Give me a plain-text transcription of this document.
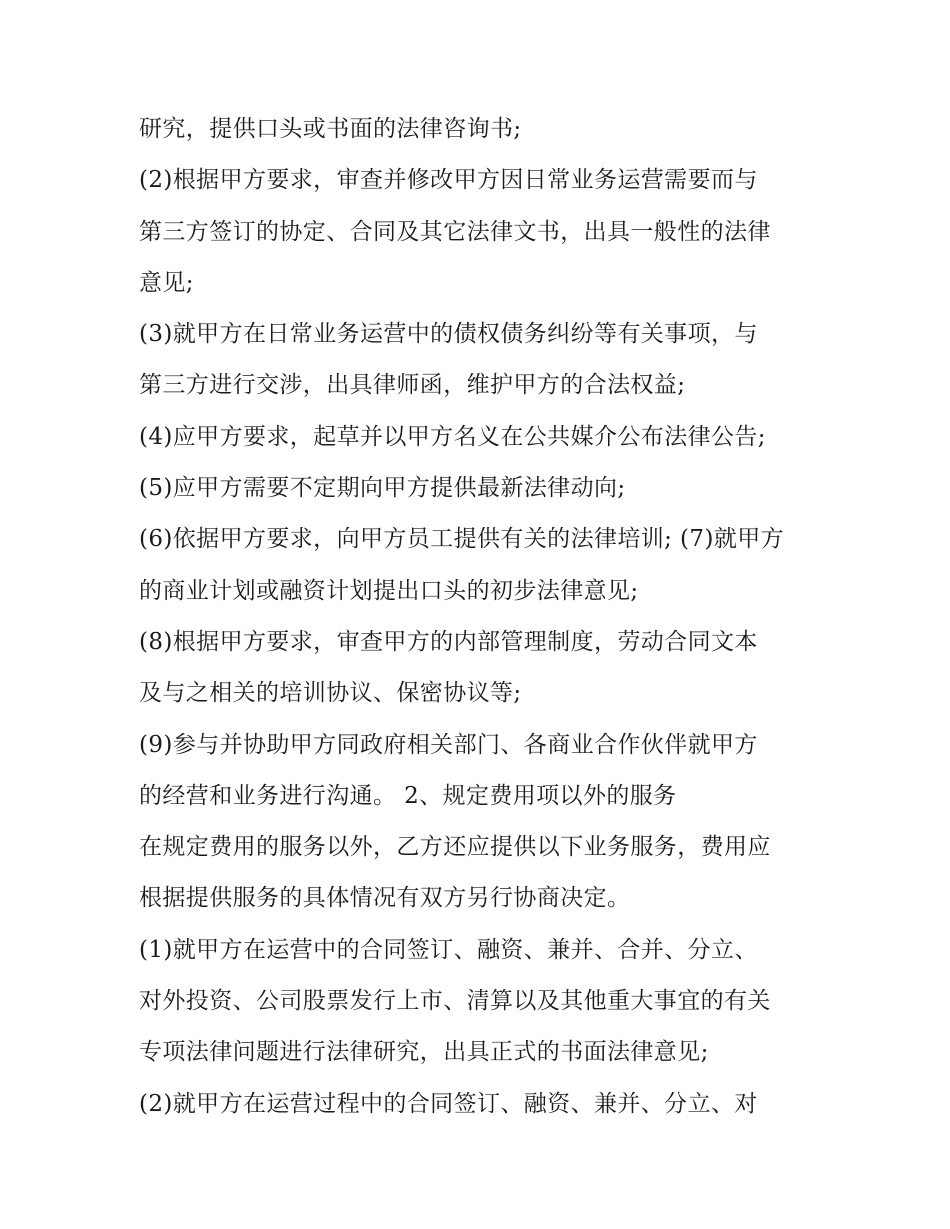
研究，提供口头或书面的法律咨询书;
(2)根据甲方要求，审查并修改甲方因日常业务运营需要而与
第三方签订的协定、合同及其它法律文书，出具一般性的法律
意见;
(3)就甲方在日常业务运营中的债权债务纠纷等有关事项，与
第三方进行交涉，出具律师函，维护甲方的合法权益;
(4)应甲方要求，起草并以甲方名义在公共媒介公布法律公告;
(5)应甲方需要不定期向甲方提供最新法律动向;
(6)依据甲方要求，向甲方员工提供有关的法律培训; (7)就甲方
的商业计划或融资计划提出口头的初步法律意见;
(8)根据甲方要求，审查甲方的内部管理制度，劳动合同文本
及与之相关的培训协议、保密协议等;
(9)参与并协助甲方同政府相关部门、各商业合作伙伴就甲方
的经营和业务进行沟通。 2、规定费用项以外的服务
在规定费用的服务以外，乙方还应提供以下业务服务，费用应
根据提供服务的具体情况有双方另行协商决定。
(1)就甲方在运营中的合同签订、融资、兼并、合并、分立、
对外投资、公司股票发行上市、清算以及其他重大事宜的有关
专项法律问题进行法律研究，出具正式的书面法律意见;
(2)就甲方在运营过程中的合同签订、融资、兼并、分立、对
